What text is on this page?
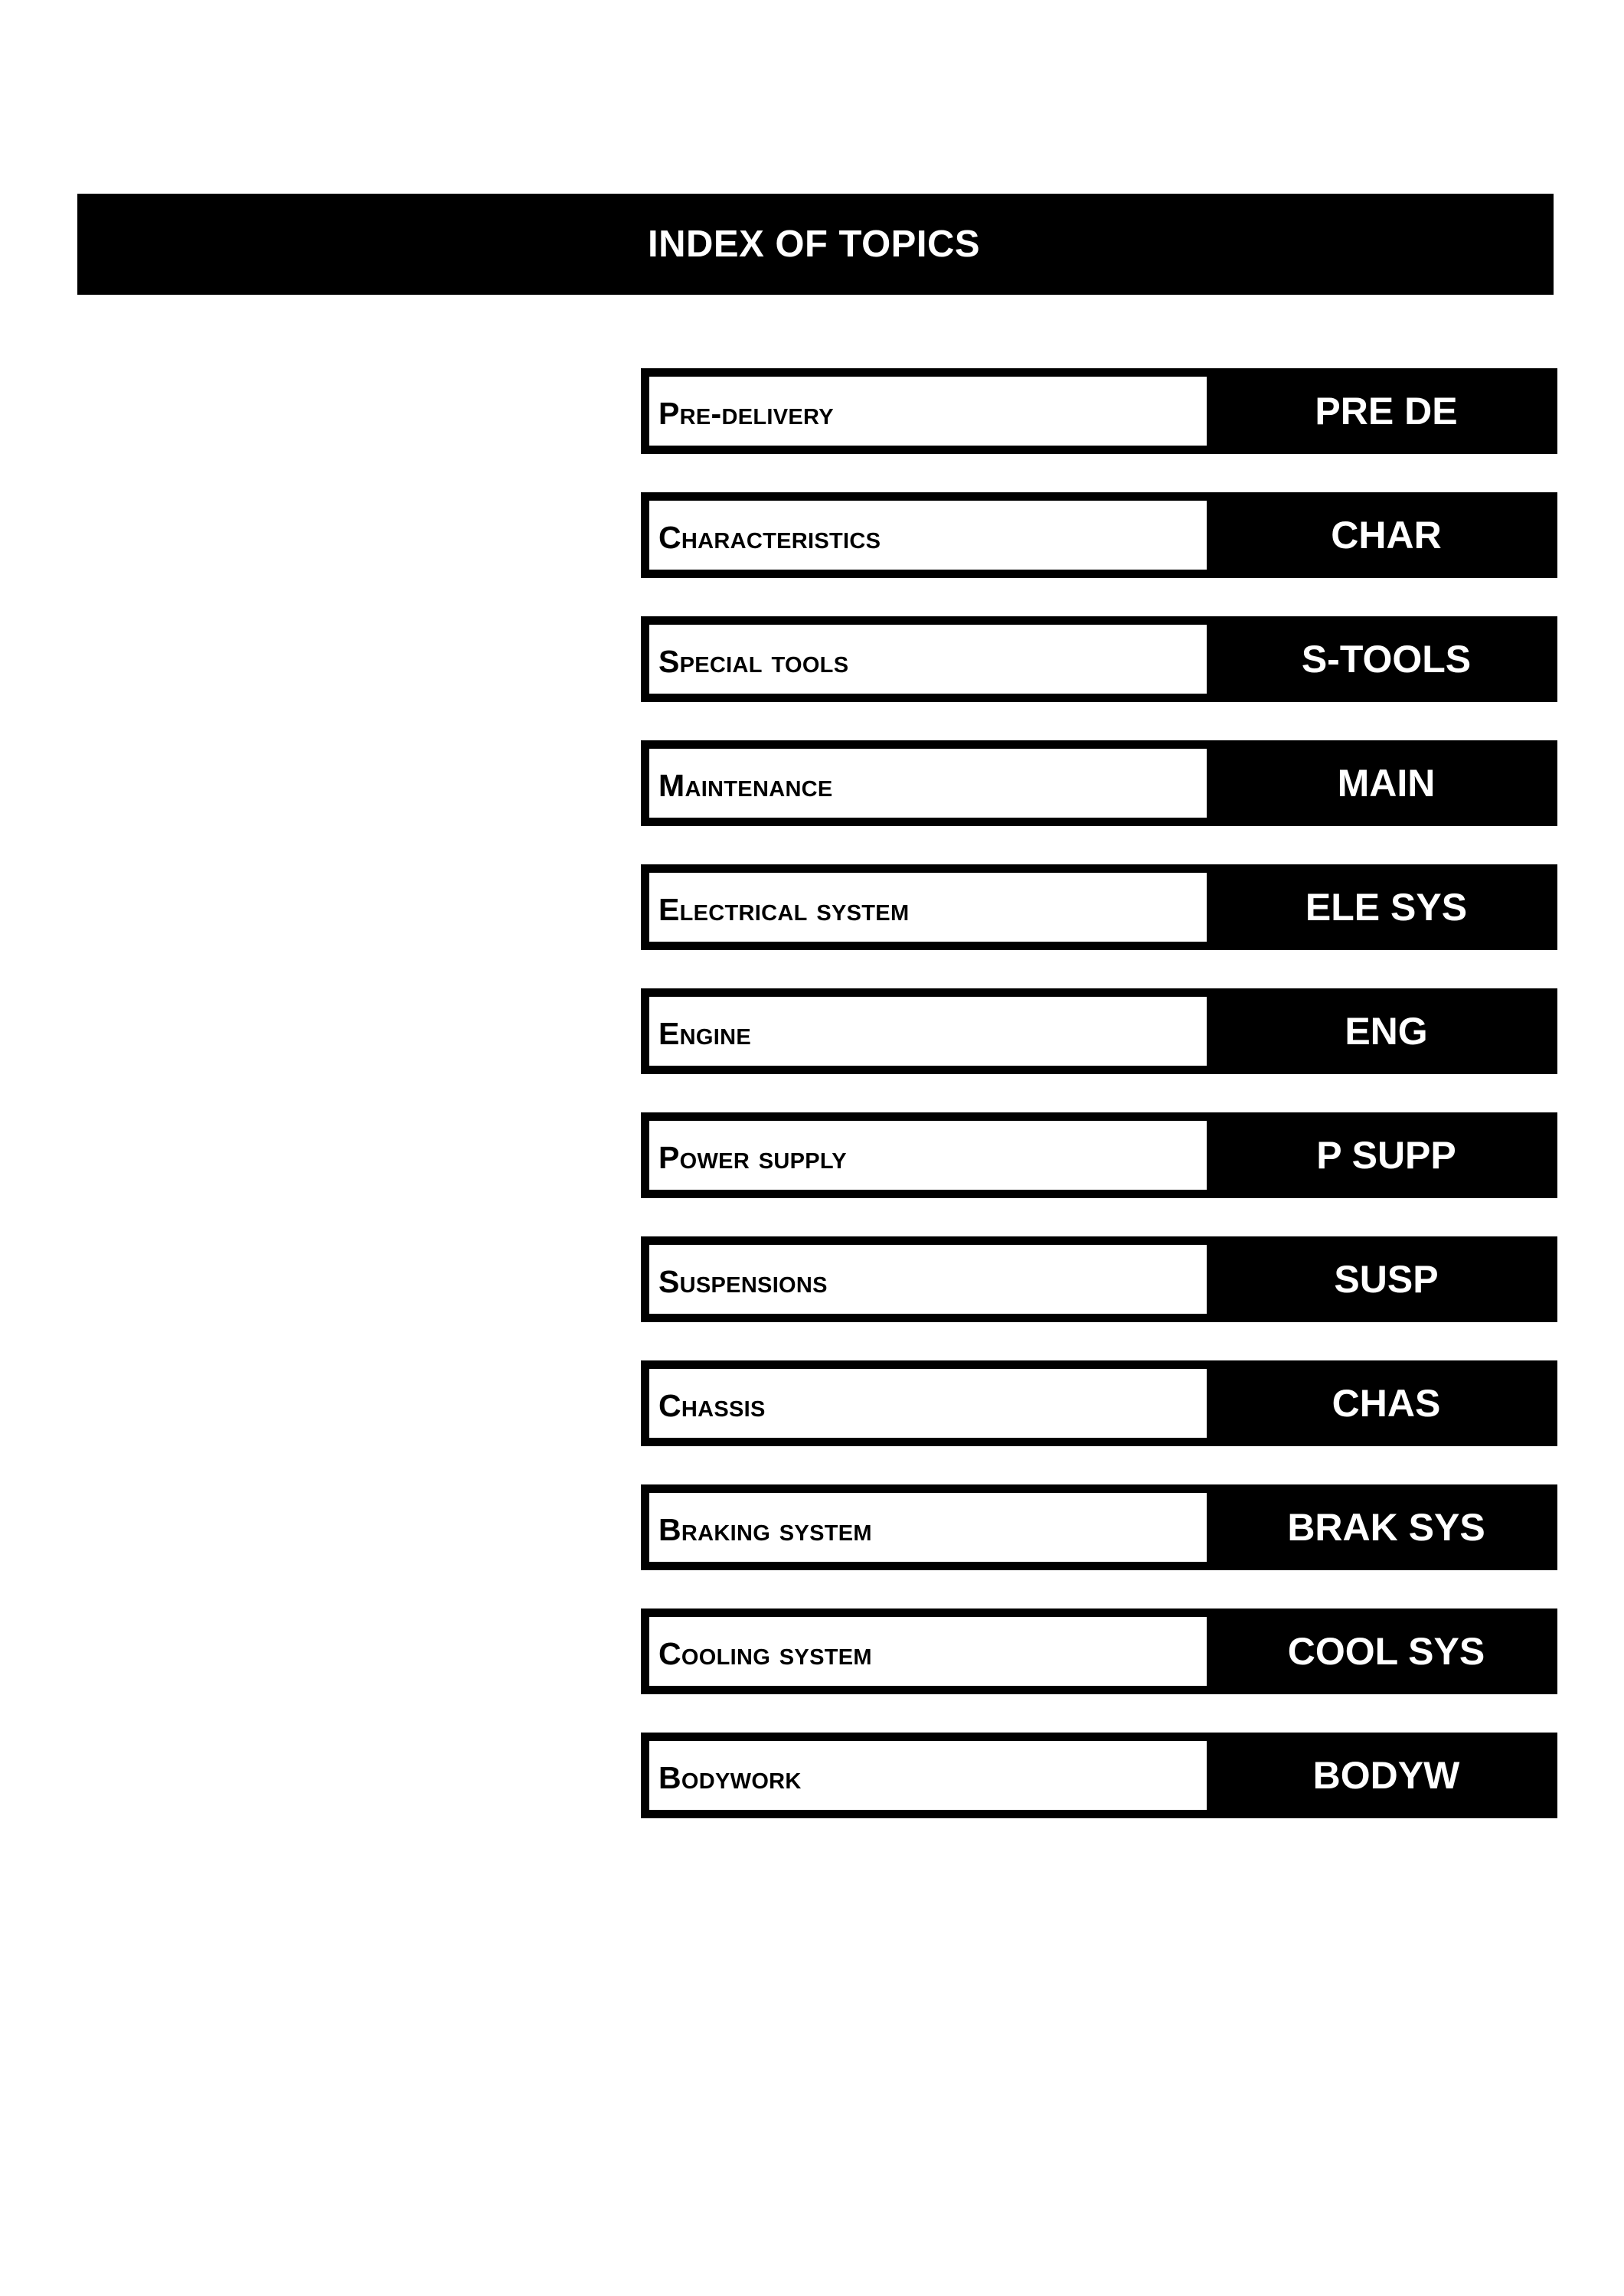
INDEX OF TOPICS
Pre-delivery	PRE DE
Characteristics	CHAR
Special tools	S-TOOLS
Maintenance	MAIN
Electrical system	ELE SYS
Engine	ENG
Power supply	P SUPP
Suspensions	SUSP
Chassis	CHAS
Braking system	BRAK SYS
Cooling system	COOL SYS
Bodywork	BODYW
